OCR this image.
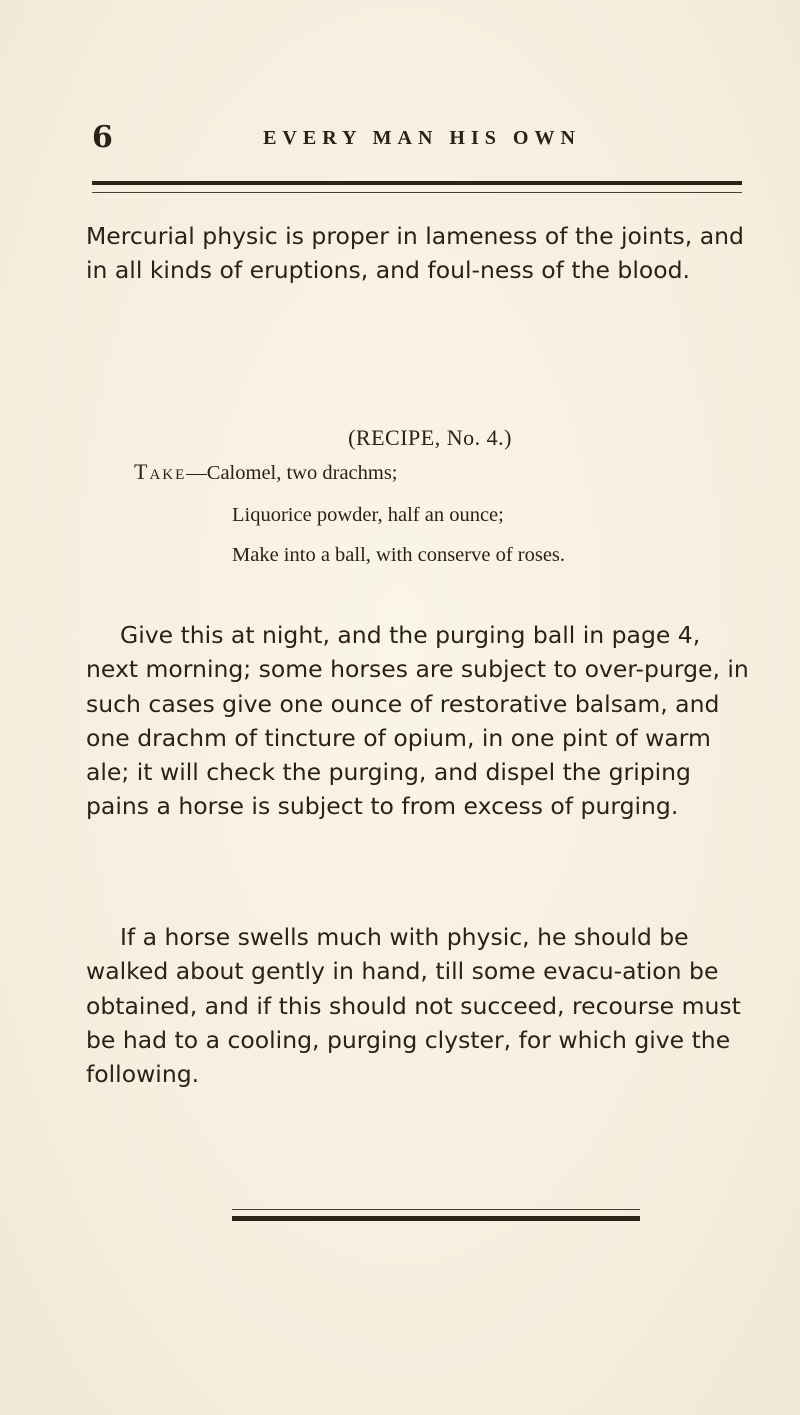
6	EVERY MAN HIS OWN

Mercurial physic is proper in lameness of the joints, and in all kinds of eruptions, and foul-ness of the blood.

(RECIPE, No. 4.)
Take—Calomel, two drachms;
Liquorice powder, half an ounce;
Make into a ball, with conserve of roses.

Give this at night, and the purging ball in page 4, next morning; some horses are subject to over-purge, in such cases give one ounce of restorative balsam, and one drachm of tincture of opium, in one pint of warm ale; it will check the purging, and dispel the griping pains a horse is subject to from excess of purging.

If a horse swells much with physic, he should be walked about gently in hand, till some evacu-ation be obtained, and if this should not succeed, recourse must be had to a cooling, purging clyster, for which give the following.
